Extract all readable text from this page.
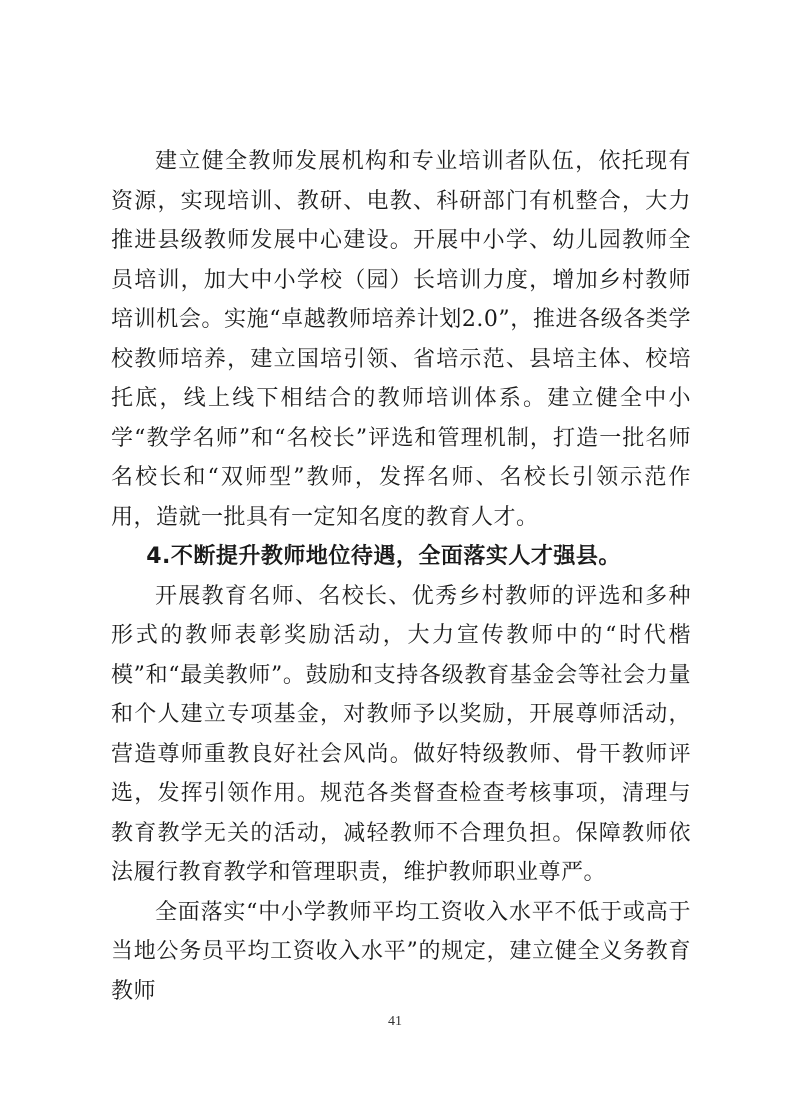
建立健全教师发展机构和专业培训者队伍，依托现有资源，实现培训、教研、电教、科研部门有机整合，大力推进县级教师发展中心建设。开展中小学、幼儿园教师全员培训，加大中小学校（园）长培训力度，增加乡村教师培训机会。实施“卓越教师培养计划2.0”，推进各级各类学校教师培养，建立国培引领、省培示范、县培主体、校培托底，线上线下相结合的教师培训体系。建立健全中小学“教学名师”和“名校长”评选和管理机制，打造一批名师名校长和“双师型”教师，发挥名师、名校长引领示范作用，造就一批具有一定知名度的教育人才。

4.不断提升教师地位待遇，全面落实人才强县。

开展教育名师、名校长、优秀乡村教师的评选和多种形式的教师表彰奖励活动，大力宣传教师中的“时代楷模”和“最美教师”。鼓励和支持各级教育基金会等社会力量和个人建立专项基金，对教师予以奖励，开展尊师活动，营造尊师重教良好社会风尚。做好特级教师、骨干教师评选，发挥引领作用。规范各类督查检查考核事项，清理与教育教学无关的活动，减轻教师不合理负担。保障教师依法履行教育教学和管理职责，维护教师职业尊严。

全面落实“中小学教师平均工资收入水平不低于或高于当地公务员平均工资收入水平”的规定，建立健全义务教育教师

41
